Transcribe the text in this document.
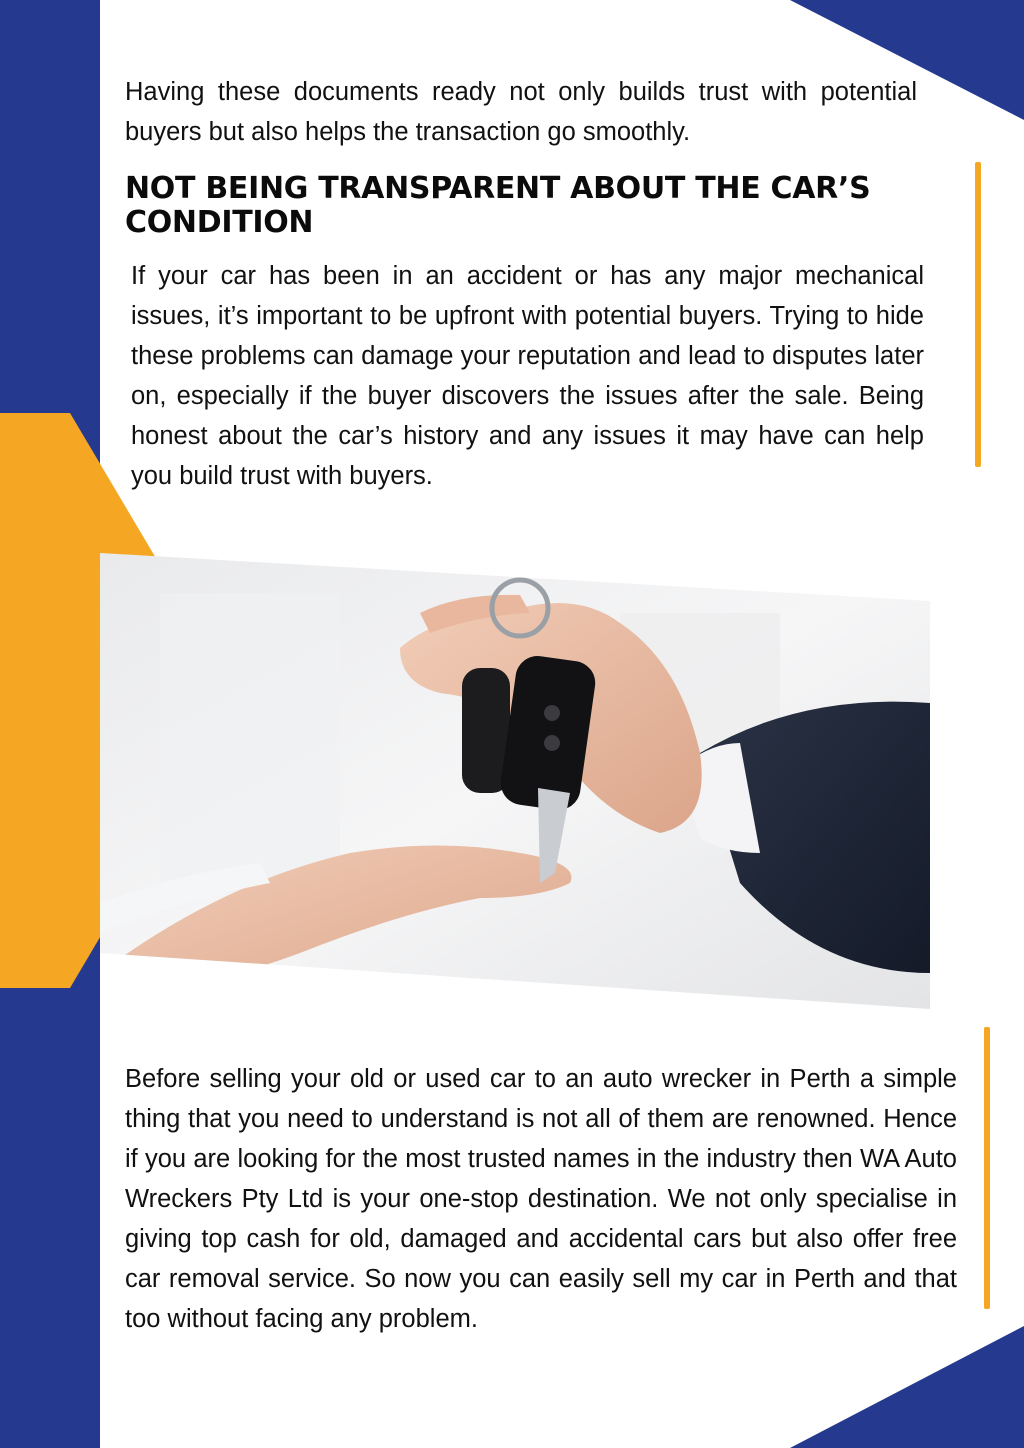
Having these documents ready not only builds trust with potential buyers but also helps the transaction go smoothly.

NOT BEING TRANSPARENT ABOUT THE CAR’S CONDITION

If your car has been in an accident or has any major mechanical issues, it’s important to be upfront with potential buyers. Trying to hide these problems can damage your reputation and lead to disputes later on, especially if the buyer discovers the issues after the sale. Being honest about the car’s history and any issues it may have can help you build trust with buyers.

Before selling your old or used car to an auto wrecker in Perth a simple thing that you need to understand is not all of them are renowned. Hence if you are looking for the most trusted names in the industry then WA Auto Wreckers Pty Ltd is your one-stop destination. We not only specialise in giving top cash for old, damaged and accidental cars but also offer free car removal service. So now you can easily sell my car in Perth and that too without facing any problem.
